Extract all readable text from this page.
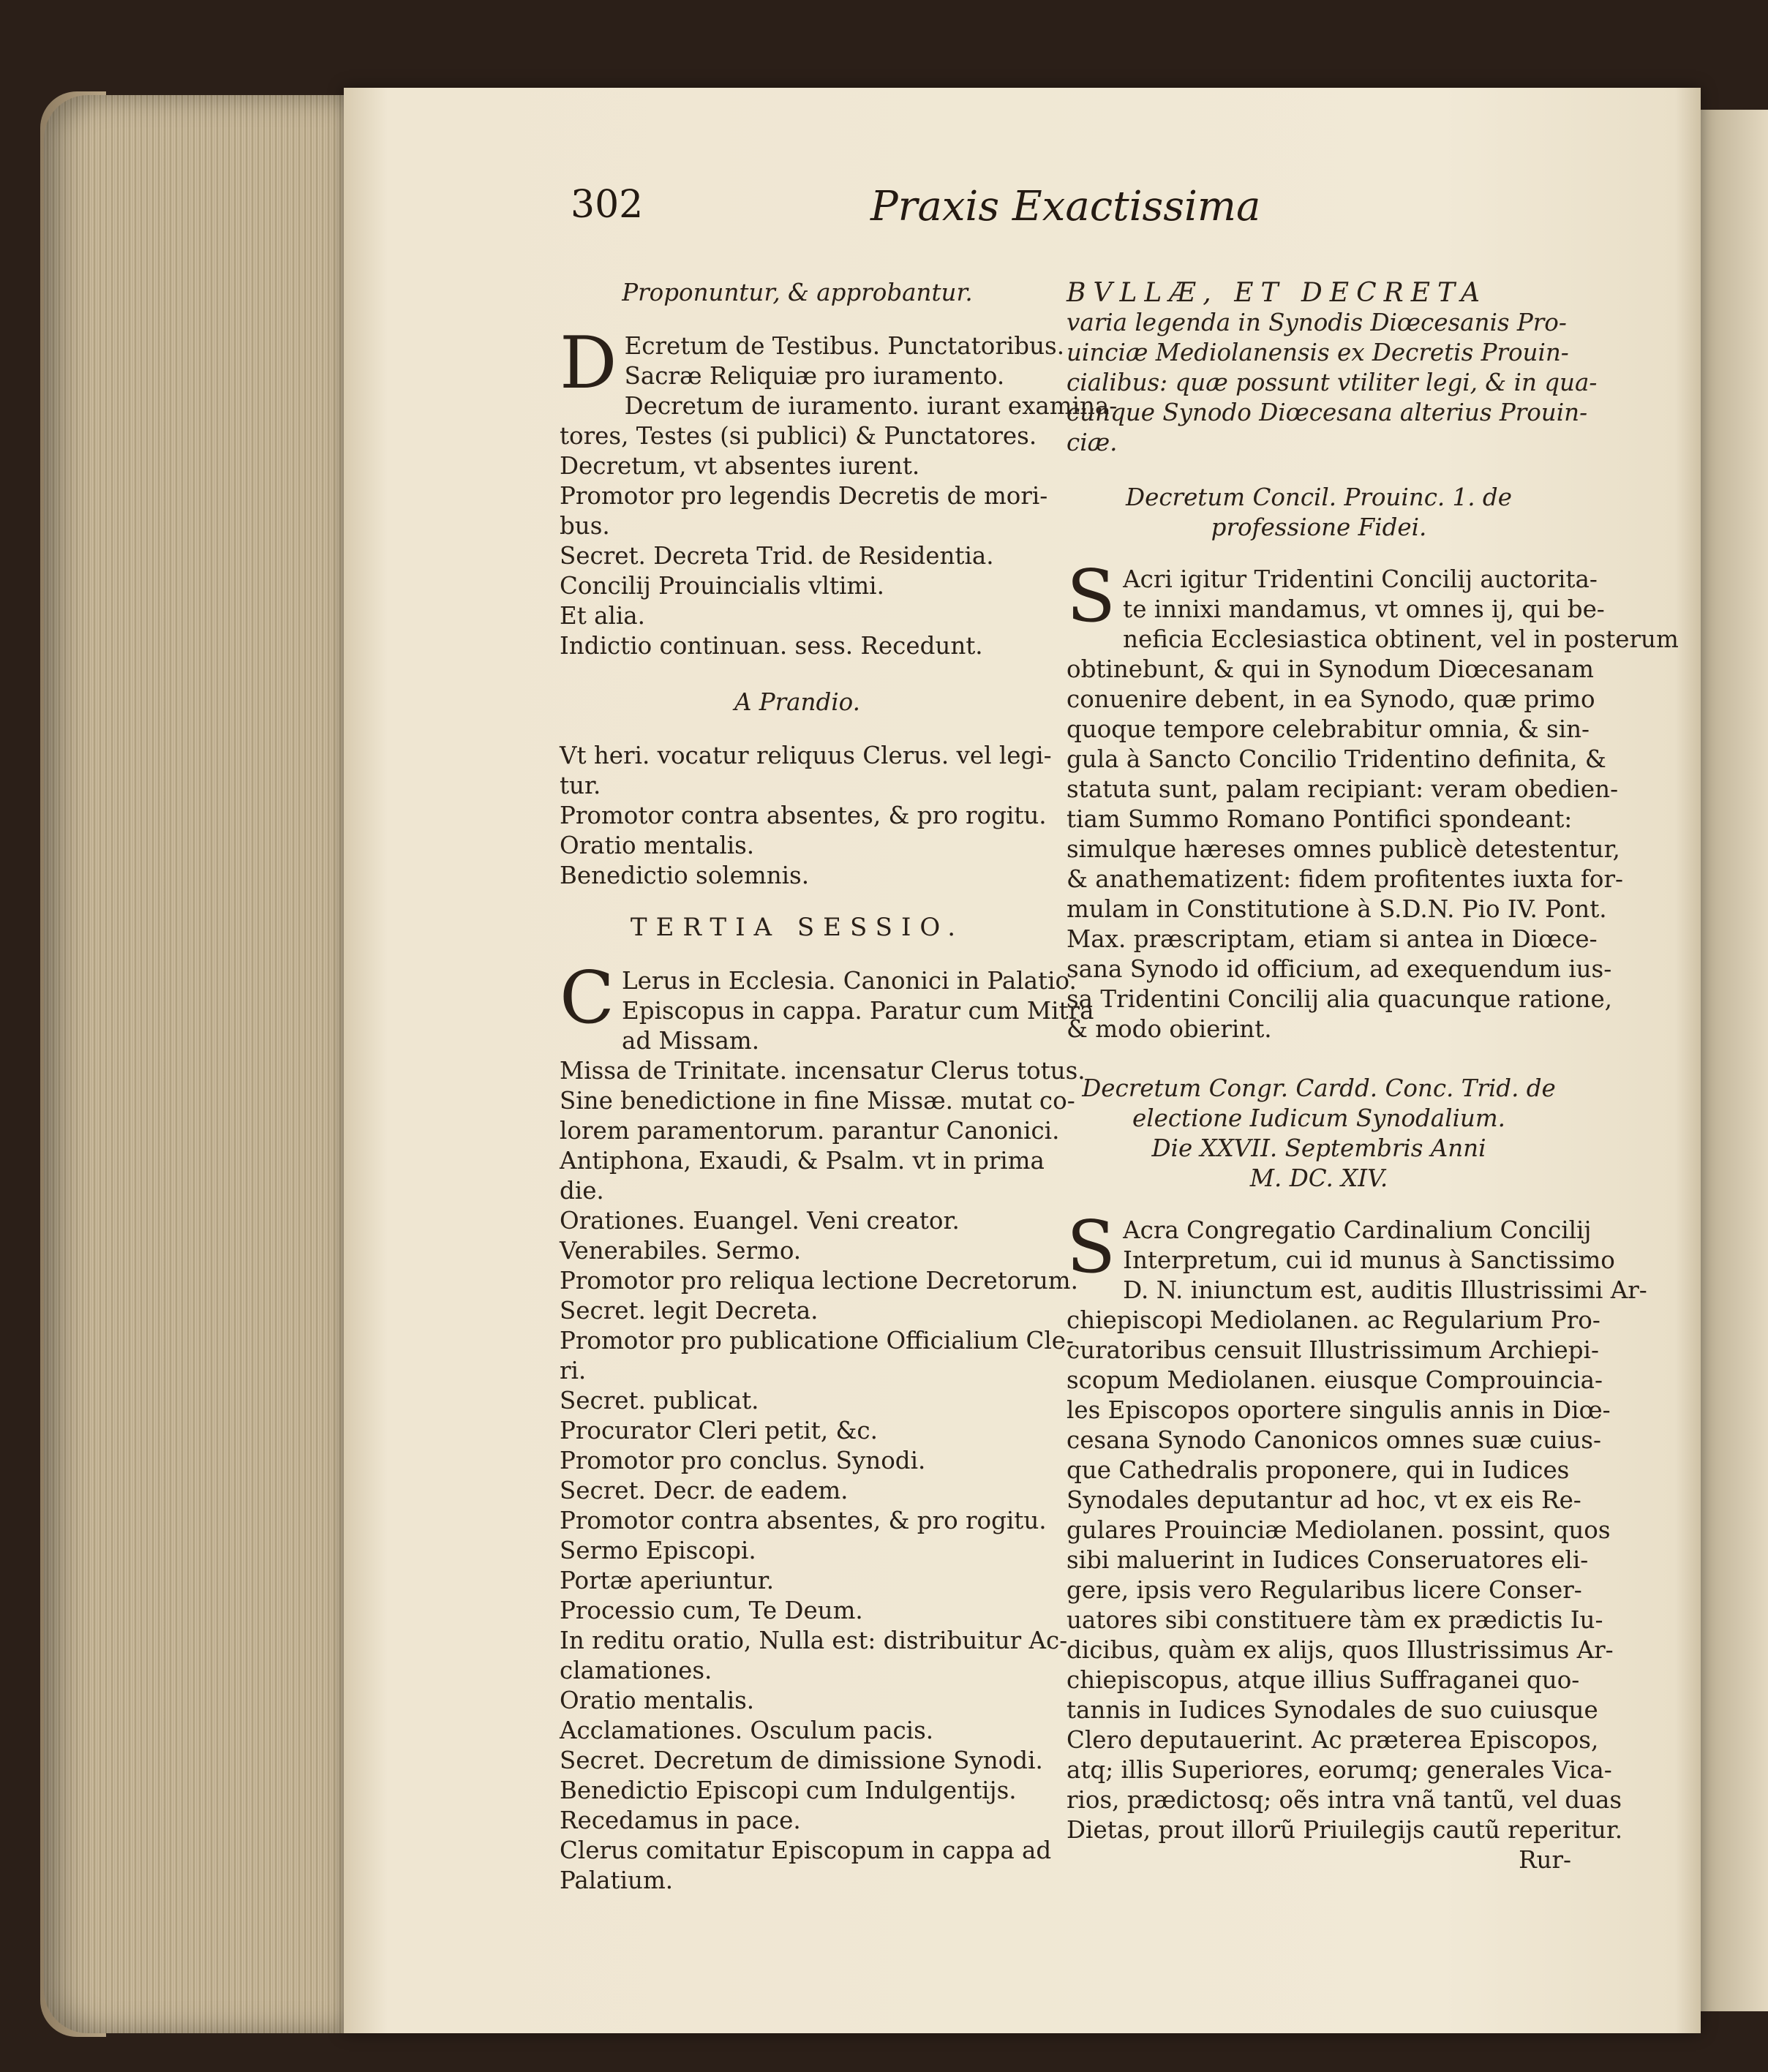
302	Praxis Exactissima
Proponuntur, & approbantur.
D Ecretum de Testibus. Punctatoribus.
Sacræ Reliquiæ pro iuramento.
Decretum de iuramento. iurant examina-
tores, Testes (si publici) & Punctatores.
Decretum, vt absentes iurent.
Promotor pro legendis Decretis de mori-
bus.
Secret. Decreta Trid. de Residentia.
Concilij Prouincialis vltimi.
Et alia.
Indictio continuan. sess. Recedunt.
A Prandio.
Vt heri. vocatur reliquus Clerus. vel legi-
tur.
Promotor contra absentes, & pro rogitu.
Oratio mentalis.
Benedictio solemnis.
TERTIA SESSIO.
C Lerus in Ecclesia. Canonici in Palatio.
Episcopus in cappa. Paratur cum Mitra
ad Missam.
Missa de Trinitate. incensatur Clerus totus.
Sine benedictione in fine Missæ. mutat co-
lorem paramentorum. parantur Canonici.
Antiphona, Exaudi, & Psalm. vt in prima
die.
Orationes. Euangel. Veni creator.
Venerabiles. Sermo.
Promotor pro reliqua lectione Decretorum.
Secret. legit Decreta.
Promotor pro publicatione Officialium Cle-
ri.
Secret. publicat.
Procurator Cleri petit, &c.
Promotor pro conclus. Synodi.
Secret. Decr. de eadem.
Promotor contra absentes, & pro rogitu.
Sermo Episcopi.
Portæ aperiuntur.
Processio cum, Te Deum.
In reditu oratio, Nulla est: distribuitur Ac-
clamationes.
Oratio mentalis.
Acclamationes. Osculum pacis.
Secret. Decretum de dimissione Synodi.
Benedictio Episcopi cum Indulgentijs.
Recedamus in pace.
Clerus comitatur Episcopum in cappa ad
Palatium.
BVLLÆ, ET DECRETA
varia legenda in Synodis Diœcesanis Pro-
uinciæ Mediolanensis ex Decretis Prouin-
cialibus: quæ possunt vtiliter legi, & in qua-
cunque Synodo Diœcesana alterius Prouin-
ciæ.
Decretum Concil. Prouinc. 1. de
professione Fidei.
S Acri igitur Tridentini Concilij auctorita-
te innixi mandamus, vt omnes ij, qui be-
neficia Ecclesiastica obtinent, vel in posterum
obtinebunt, & qui in Synodum Diœcesanam
conuenire debent, in ea Synodo, quæ primo
quoque tempore celebrabitur omnia, & sin-
gula à Sancto Concilio Tridentino definita, &
statuta sunt, palam recipiant: veram obedien-
tiam Summo Romano Pontifici spondeant:
simulque hæreses omnes publicè detestentur,
& anathematizent: fidem profitentes iuxta for-
mulam in Constitutione à S.D.N. Pio IV. Pont.
Max. præscriptam, etiam si antea in Diœce-
sana Synodo id officium, ad exequendum ius-
sa Tridentini Concilij alia quacunque ratione,
& modo obierint.
Decretum Congr. Cardd. Conc. Trid. de
electione Iudicum Synodalium.
Die XXVII. Septembris Anni
M. DC. XIV.
S Acra Congregatio Cardinalium Concilij
Interpretum, cui id munus à Sanctissimo
D. N. iniunctum est, auditis Illustrissimi Ar-
chiepiscopi Mediolanen. ac Regularium Pro-
curatoribus censuit Illustrissimum Archiepi-
scopum Mediolanen. eiusque Comprouincia-
les Episcopos oportere singulis annis in Diœ-
cesana Synodo Canonicos omnes suæ cuius-
que Cathedralis proponere, qui in Iudices
Synodales deputantur ad hoc, vt ex eis Re-
gulares Prouinciæ Mediolanen. possint, quos
sibi maluerint in Iudices Conseruatores eli-
gere, ipsis vero Regularibus licere Conser-
uatores sibi constituere tàm ex prædictis Iu-
dicibus, quàm ex alijs, quos Illustrissimus Ar-
chiepiscopus, atque illius Suffraganei quo-
tannis in Iudices Synodales de suo cuiusque
Clero deputauerint. Ac præterea Episcopos,
atq; illis Superiores, eorumq; generales Vica-
rios, prædictosq; oẽs intra vnã tantũ, vel duas
Dietas, prout illorũ Priuilegijs cautũ reperitur.
Rur-
